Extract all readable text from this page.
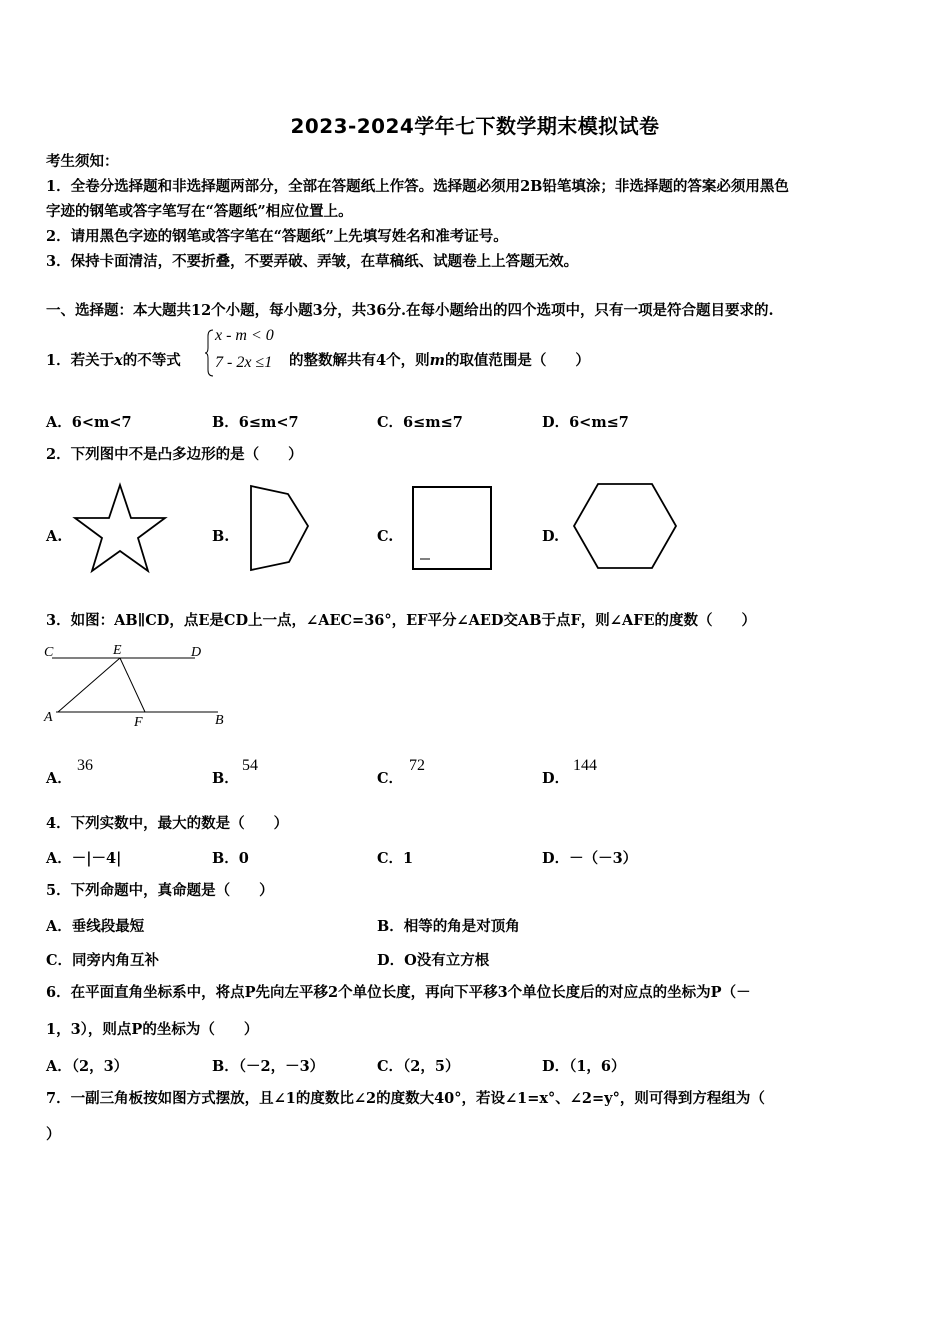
2023-2024学年七下数学期末模拟试卷
考生须知：
1．全卷分选择题和非选择题两部分，全部在答题纸上作答。选择题必须用2B铅笔填涂；非选择题的答案必须用黑色
字迹的钢笔或答字笔写在“答题纸”相应位置上。
2．请用黑色字迹的钢笔或答字笔在“答题纸”上先填写姓名和准考证号。
3．保持卡面清洁，不要折叠，不要弄破、弄皱，在草稿纸、试题卷上上答题无效。
一、选择题：本大题共12个小题，每小题3分，共36分.在每小题给出的四个选项中，只有一项是符合题目要求的.
1．若关于x的不等式
x - m < 0
7 - 2x ≤1 的整数解共有4个，则m的取值范围是（　　）
A．6<m<7	B．6≤m<7	C．6≤m≤7	D．6<m≤7
2．下列图中不是凸多边形的是（　　）
A.	B.	C.	D.
3．如图：AB∥CD，点E是CD上一点，∠AEC=36°，EF平分∠AED交AB于点F，则∠AFE的度数（　　）
C	E	D
A	F	B
A．
36
B．
54
C．
72
D．
144
4．下列实数中，最大的数是（　　）
A．－|－4|	B．0	C．1	D．－（－3）
5．下列命题中，真命题是（　　）
A．垂线段最短	B．相等的角是对顶角
C．同旁内角互补	D．O没有立方根
6．在平面直角坐标系中，将点P先向左平移2个单位长度，再向下平移3个单位长度后的对应点的坐标为P（－
1，3），则点P的坐标为（　　）
A．（2，3）	B．（－2，－3）	C．（2，5）	D．（1，6）
7．一副三角板按如图方式摆放，且∠1的度数比∠2的度数大40°，若设∠1=x°、∠2=y°，则可得到方程组为（
）
